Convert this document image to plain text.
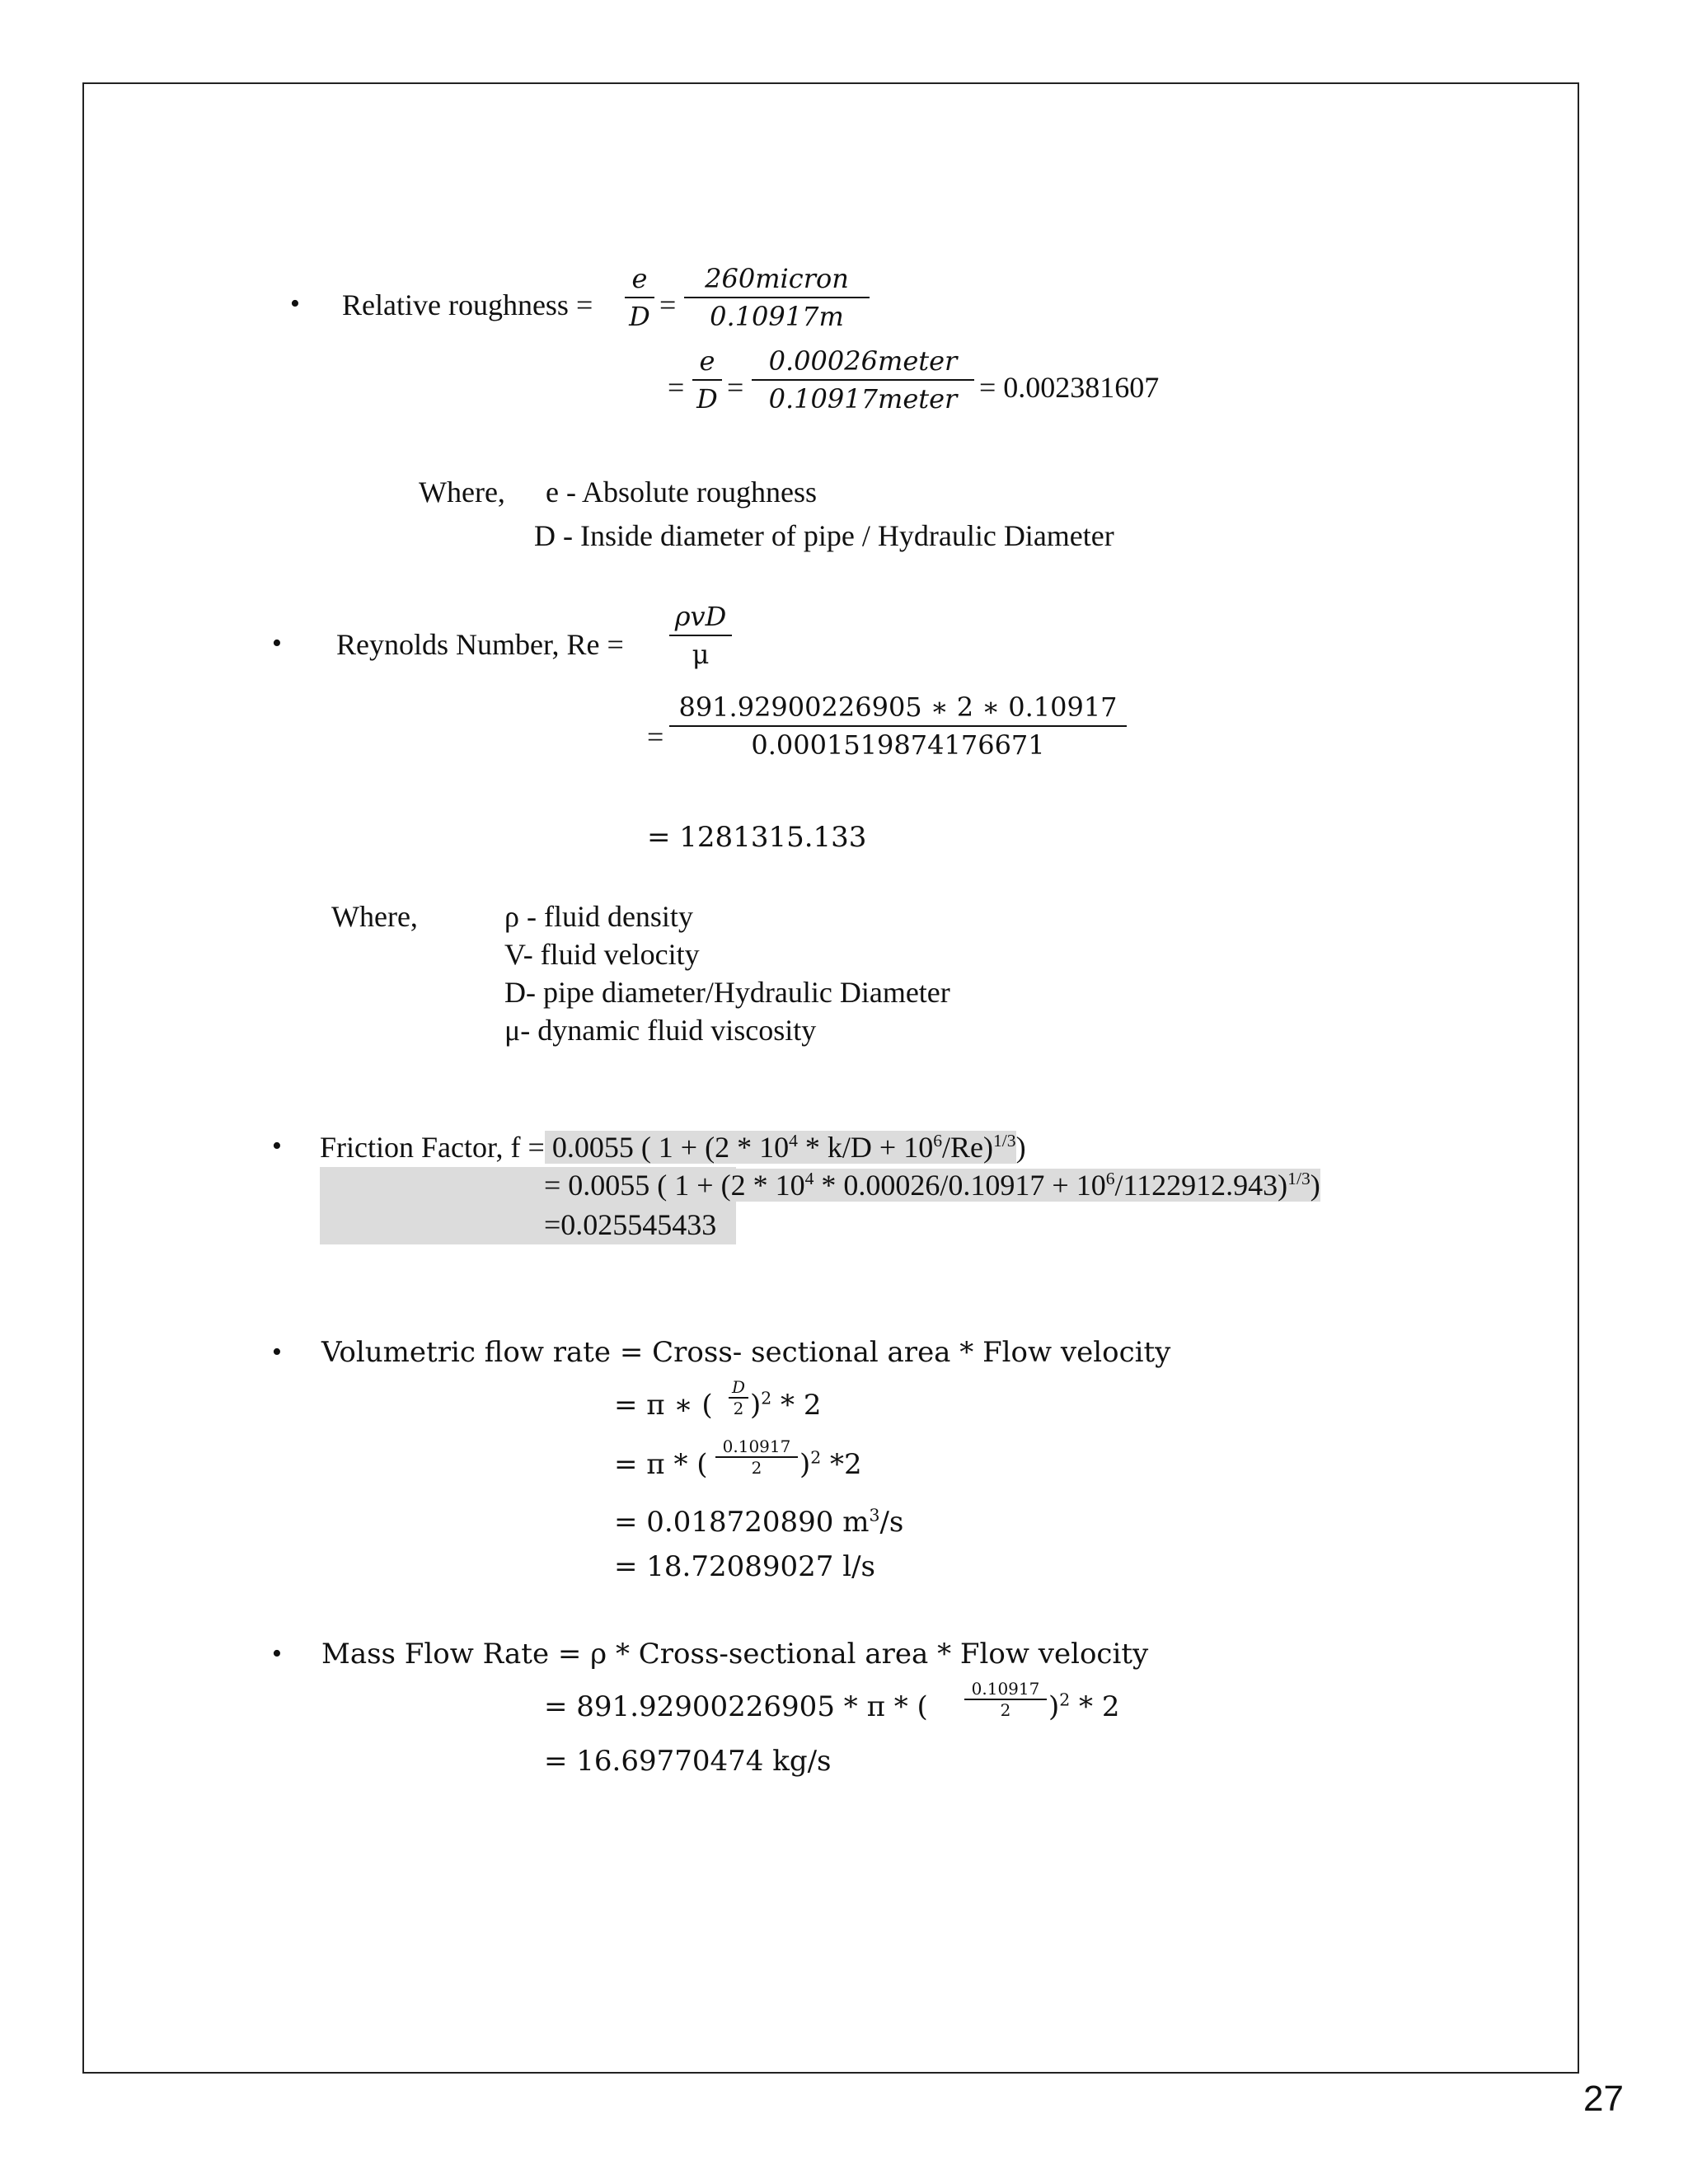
• Relative roughness =
e
D =
260micron
0.10917m
=
e
D =
0.00026meter
0.10917meter = 0.002381607
Where, e - Absolute roughness
D - Inside diameter of pipe / Hydraulic Diameter
• Reynolds Number, Re =
ρvD
μ
=
891.92900226905 ∗ 2 ∗ 0.10917
0.0001519874176671
= 1281315.133
Where,	ρ - fluid density
V- fluid velocity
D- pipe diameter/Hydraulic Diameter
μ- dynamic fluid viscosity
• Friction Factor, f = 0.0055 ( $1 + (2 * 10^4 * k/D + 10^6/Re)^{1/3}$)
= 0.0055 ( $1 + (2 * 10^4 * 0.00026/0.10917 + 10^6/1122912.943)^{1/3}$)
=0.025545433
• Volumetric flow rate = Cross- sectional area * Flow velocity
= π ∗ (
D
2 )$^2$ * 2
= π * (
0.10917
2	)$^2$ *2
= 0.018720890 $m^3/s$
= 18.72089027 l/s
• Mass Flow Rate = ρ * Cross-sectional area * Flow velocity
= 891.92900226905 * π * (
0.10917
2	)$^2$ * 2
= 16.69770474 kg/s
27
